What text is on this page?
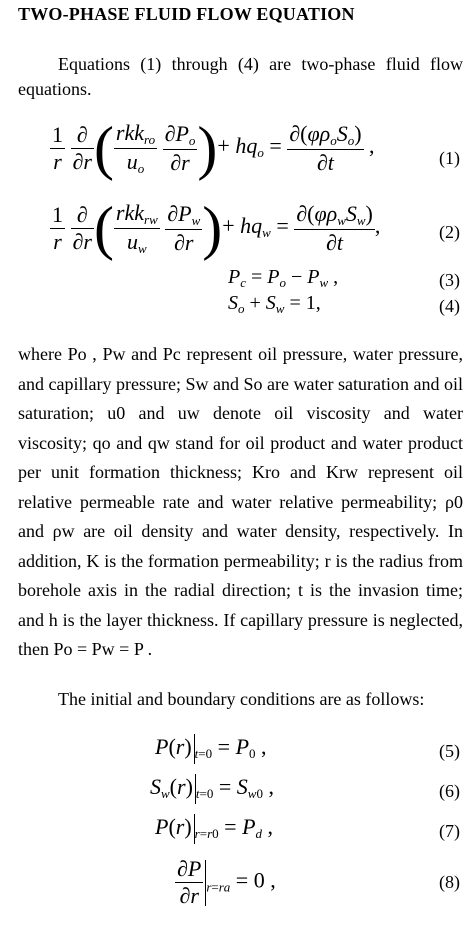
TWO-PHASE FLUID FLOW EQUATION
Equations (1) through (4) are two-phase fluid flow equations.
$\frac{1}{r}$
$\frac{\partial}{\partial r}$ ( $\frac{rkk_{ro}}{u_o}$
$\frac{\partial P_o}{\partial r}$ )+ $hq_o = \frac{\partial(\varphi\rho_oS_o)}{\partial t}$ ,	(1)
$\frac{1}{r}$
$\frac{\partial}{\partial r}$ ( $\frac{rkk_{rw}}{u_w}$
$\frac{\partial P_w}{\partial r}$ )+ $hq_w = \frac{\partial(\varphi\rho_wS_w)}{\partial t}$ ,	(2)
$P_c = P_o - P_w$ ,	(3)
$S_o + S_w = 1$,	(4)
where Po , Pw and Pc represent oil pressure, water pressure, and capillary pressure; Sw and So are water saturation and oil saturation; u0 and uw denote oil viscosity and water viscosity; qo and qw stand for oil product and water product per unit formation thickness; Kro and Krw represent oil relative permeable rate and water relative permeability; ρ0 and ρw are oil density and water density, respectively. In addition, K is the formation permeability; r is the radius from borehole axis in the radial direction; t is the invasion time; and h is the layer thickness. If capillary pressure is neglected, then Po = Pw = P .
The initial and boundary conditions are as follows:
P(r) $_{t=0} = P_0$ ,	(5)
$S_w(r) _{t=0} = S_{w0}$ ,	(6)
P(r) $_{r=r0} = P_d$ ,	(7)
$\frac{\partial P}{\partial r} _{r=ra} = 0$ ,	(8)
